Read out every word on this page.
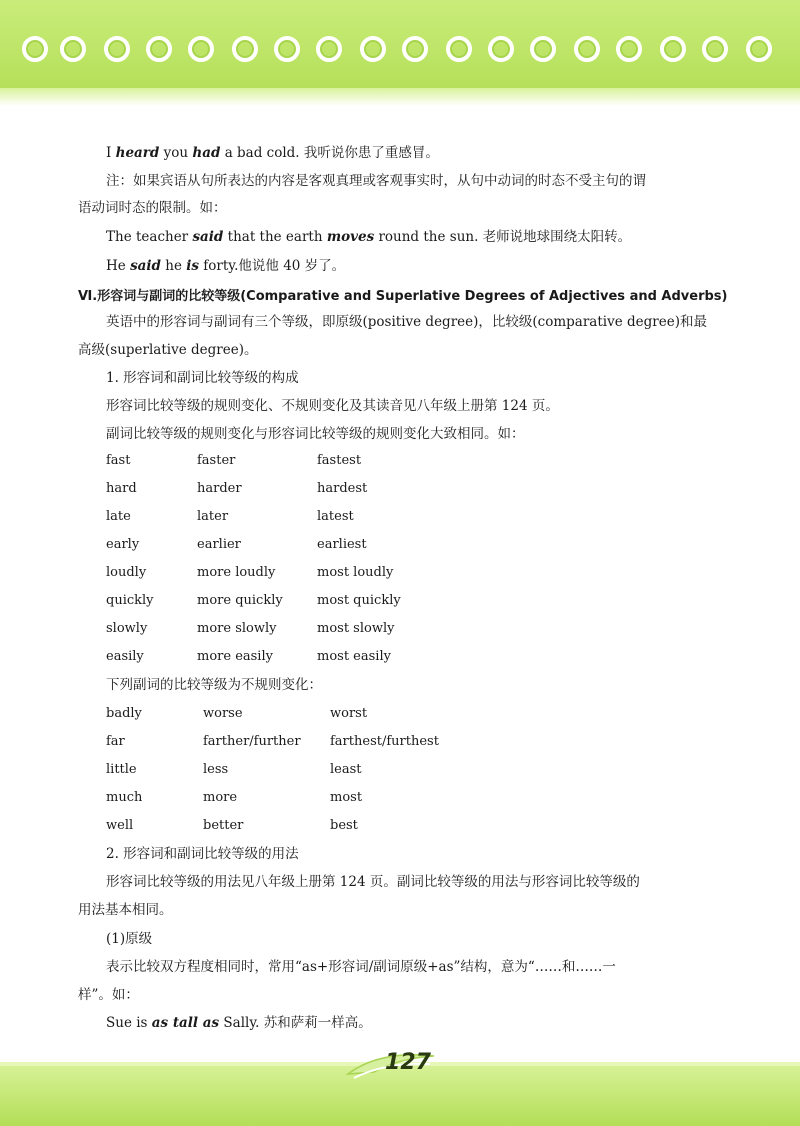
I heard you had a bad cold. 我听说你患了重感冒。
注：如果宾语从句所表达的内容是客观真理或客观事实时，从句中动词的时态不受主句的谓
语动词时态的限制。如：
The teacher said that the earth moves round the sun. 老师说地球围绕太阳转。
He said he is forty.他说他 40 岁了。
Ⅵ.形容词与副词的比较等级(Comparative and Superlative Degrees of Adjectives and Adverbs)
英语中的形容词与副词有三个等级，即原级(positive degree)，比较级(comparative degree)和最
高级(superlative degree)。
1. 形容词和副词比较等级的构成
形容词比较等级的规则变化、不规则变化及其读音见八年级上册第 124 页。
副词比较等级的规则变化与形容词比较等级的规则变化大致相同。如：
fast	faster	fastest
hard	harder	hardest
late	later	latest
early	earlier	earliest
loudly	more loudly	most loudly
quickly	more quickly	most quickly
slowly	more slowly	most slowly
easily	more easily	most easily
下列副词的比较等级为不规则变化：
badly	worse	worst
far	farther/further farthest/furthest
little	less	least
much	more	most
well	better	best
2. 形容词和副词比较等级的用法
形容词比较等级的用法见八年级上册第 124 页。副词比较等级的用法与形容词比较等级的
用法基本相同。
(1)原级
表示比较双方程度相同时，常用“as+形容词/副词原级+as”结构，意为“……和……一
样”。如：
Sue is as tall as Sally. 苏和萨莉一样高。
127
